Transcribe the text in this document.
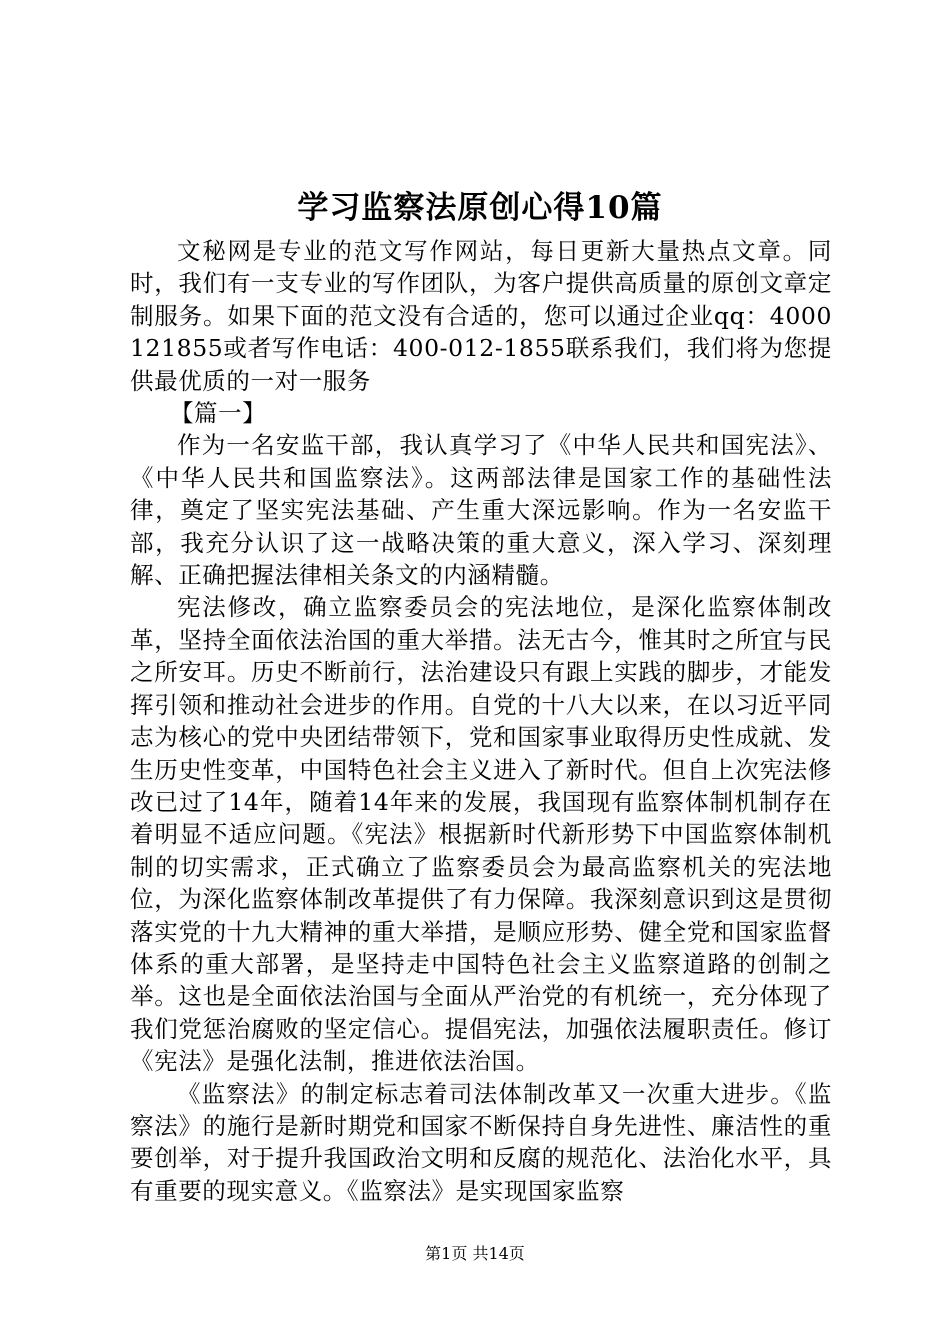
学习监察法原创心得10篇

文秘网是专业的范文写作网站，每日更新大量热点文章。同时，我们有一支专业的写作团队，为客户提供高质量的原创文章定制服务。如果下面的范文没有合适的，您可以通过企业qq：4000121855或者写作电话：400-012-1855联系我们，我们将为您提供最优质的一对一服务

【篇一】

作为一名安监干部，我认真学习了《中华人民共和国宪法》、《中华人民共和国监察法》。这两部法律是国家工作的基础性法律，奠定了坚实宪法基础、产生重大深远影响。作为一名安监干部，我充分认识了这一战略决策的重大意义，深入学习、深刻理解、正确把握法律相关条文的内涵精髓。

宪法修改，确立监察委员会的宪法地位，是深化监察体制改革，坚持全面依法治国的重大举措。法无古今，惟其时之所宜与民之所安耳。历史不断前行，法治建设只有跟上实践的脚步，才能发挥引领和推动社会进步的作用。自党的十八大以来，在以习近平同志为核心的党中央团结带领下，党和国家事业取得历史性成就、发生历史性变革，中国特色社会主义进入了新时代。但自上次宪法修改已过了14年，随着14年来的发展，我国现有监察体制机制存在着明显不适应问题。《宪法》根据新时代新形势下中国监察体制机制的切实需求，正式确立了监察委员会为最高监察机关的宪法地位，为深化监察体制改革提供了有力保障。我深刻意识到这是贯彻落实党的十九大精神的重大举措，是顺应形势、健全党和国家监督体系的重大部署，是坚持走中国特色社会主义监察道路的创制之举。这也是全面依法治国与全面从严治党的有机统一，充分体现了我们党惩治腐败的坚定信心。提倡宪法，加强依法履职责任。修订《宪法》是强化法制，推进依法治国。

《监察法》的制定标志着司法体制改革又一次重大进步。《监察法》的施行是新时期党和国家不断保持自身先进性、廉洁性的重要创举，对于提升我国政治文明和反腐的规范化、法治化水平，具有重要的现实意义。《监察法》是实现国家监察

第1页 共14页
